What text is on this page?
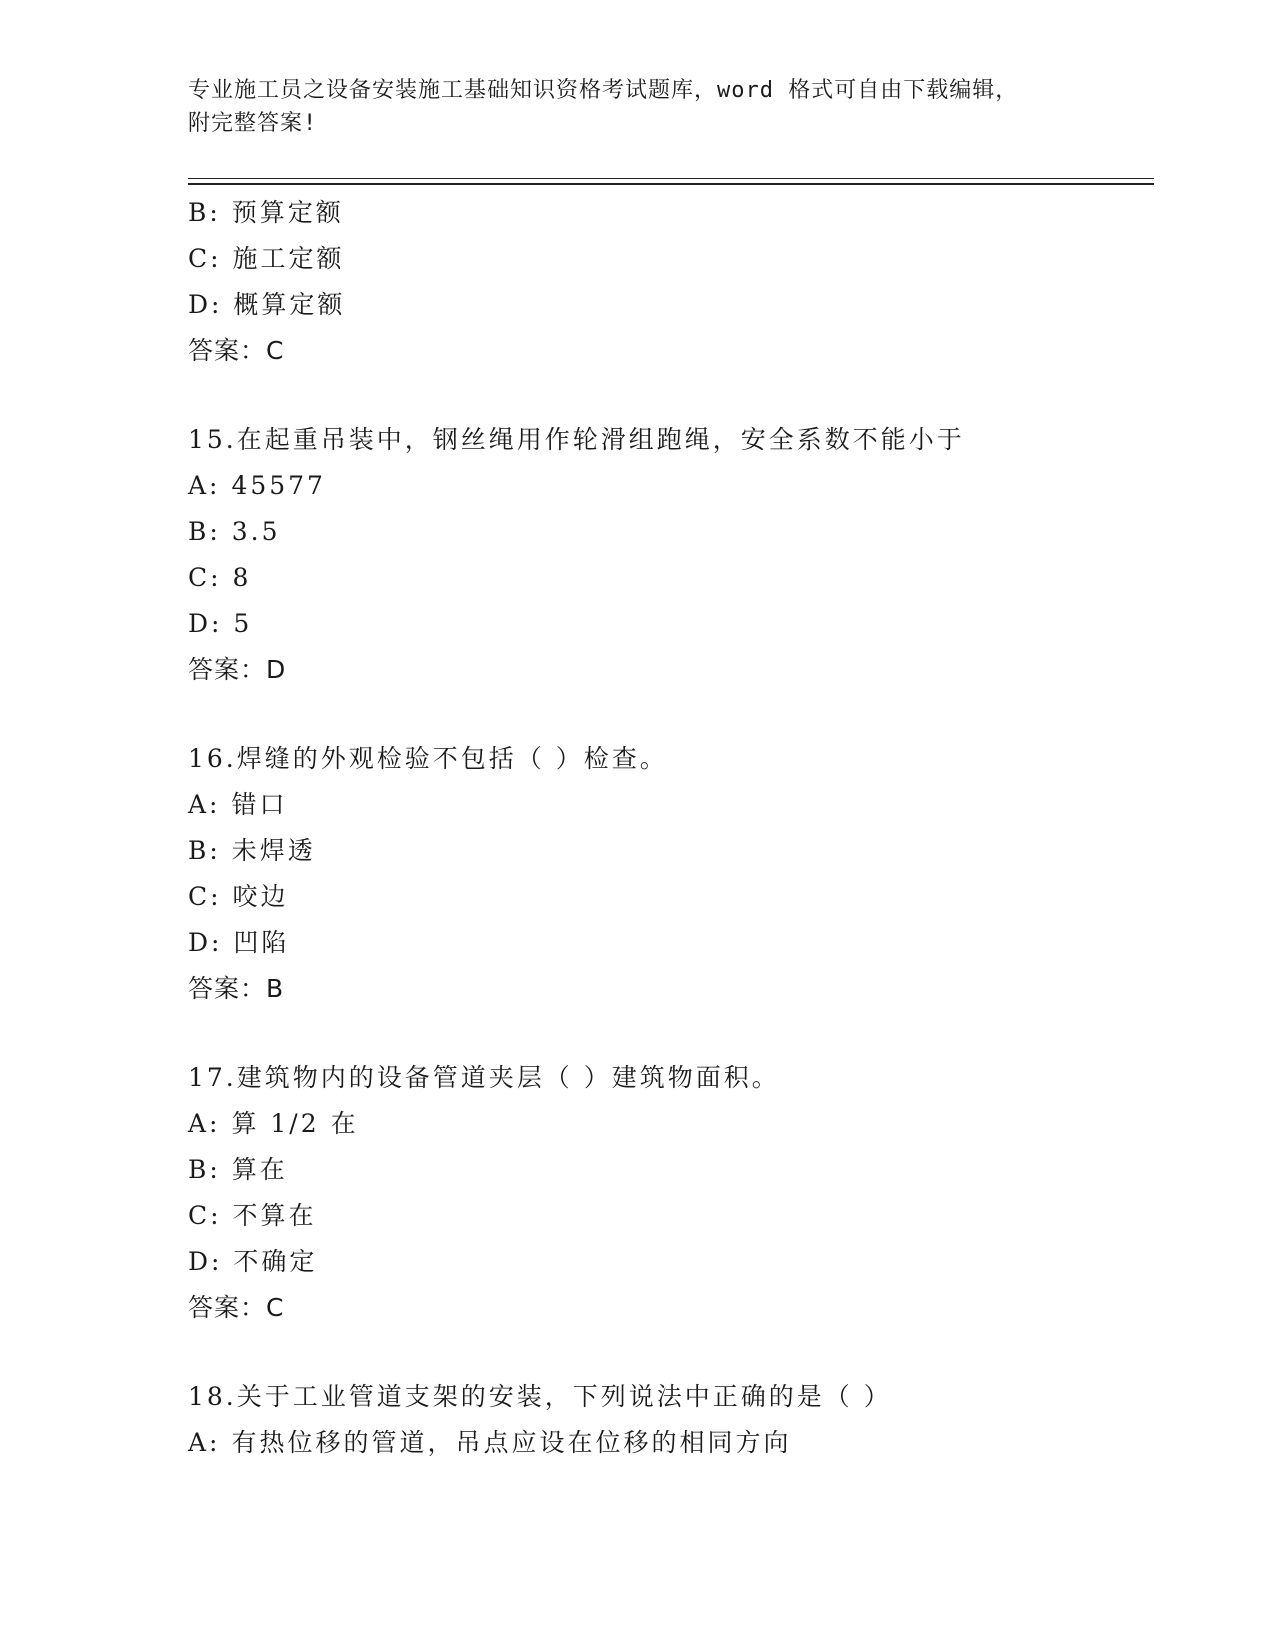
专业施工员之设备安装施工基础知识资格考试题库，word 格式可自由下载编辑，
附完整答案!
B: 预算定额
C: 施工定额
D: 概算定额
答案：C
15.在起重吊装中，钢丝绳用作轮滑组跑绳，安全系数不能小于
A: 45577
B: 3.5
C: 8
D: 5
答案：D
16.焊缝的外观检验不包括（ ）检查。
A: 错口
B: 未焊透
C: 咬边
D: 凹陷
答案：B
17.建筑物内的设备管道夹层（ ）建筑物面积。
A: 算 1/2 在
B: 算在
C: 不算在
D: 不确定
答案：C
18.关于工业管道支架的安装，下列说法中正确的是（ ）
A: 有热位移的管道，吊点应设在位移的相同方向
